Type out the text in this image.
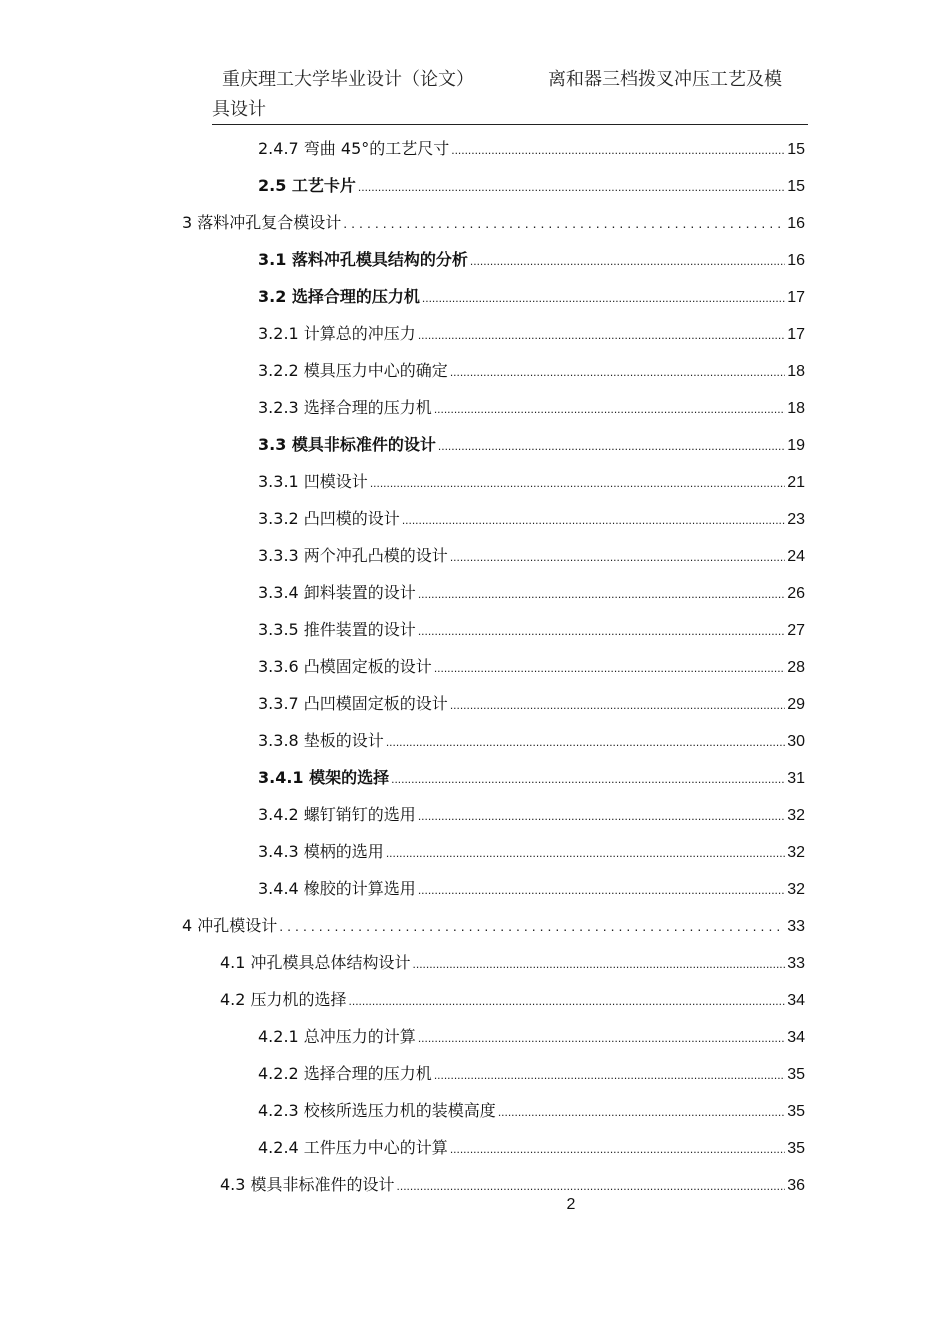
重庆理工大学毕业设计（论文）	离和器三档拨叉冲压工艺及模
具设计
2.4.7 弯曲 45°的工艺尺寸 .....	15
2.5 工艺卡片 .....	15
3 落料冲孔复合模设计 .....	16
3.1 落料冲孔模具结构的分析 .....	16
3.2 选择合理的压力机 .....	17
3.2.1 计算总的冲压力 .....	17
3.2.2 模具压力中心的确定 .....	18
3.2.3 选择合理的压力机 .....	18
3.3 模具非标准件的设计 .....	19
3.3.1 凹模设计 .....	21
3.3.2 凸凹模的设计 .....	23
3.3.3 两个冲孔凸模的设计 .....	24
3.3.4 卸料装置的设计 .....	26
3.3.5 推件装置的设计 .....	27
3.3.6 凸模固定板的设计 .....	28
3.3.7 凸凹模固定板的设计 .....	29
3.3.8 垫板的设计 .....	30
3.4.1 模架的选择 .....	31
3.4.2 螺钉销钉的选用 .....	32
3.4.3 模柄的选用 .....	32
3.4.4 橡胶的计算选用 .....	32
4 冲孔模设计 .....	33
4.1 冲孔模具总体结构设计 .....	33
4.2 压力机的选择 .....	34
4.2.1 总冲压力的计算 .....	34
4.2.2 选择合理的压力机 .....	35
4.2.3 校核所选压力机的装模高度 .....	35
4.2.4 工件压力中心的计算 .....	35
4.3 模具非标准件的设计 .....	36
2
